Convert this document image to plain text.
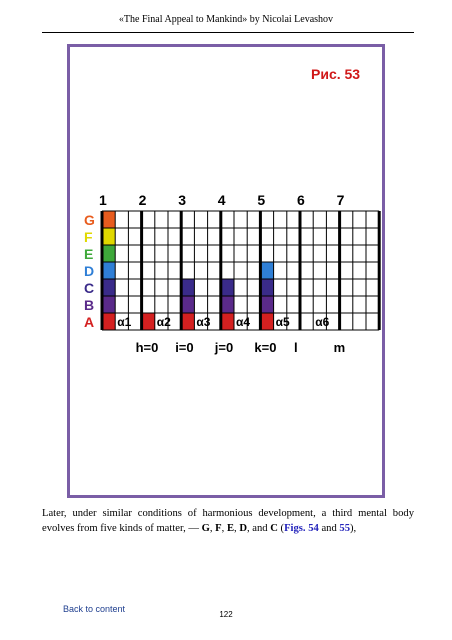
«The Final Appeal to Mankind» by Nicolai Levashov
Рис. 53
1 2 3 4 5 6 7
G
F
E
D
C
B
A α1 α2 α3 α4 α5 α6
h=0 i=0 j=0 k=0 l	m
Later, under similar conditions of harmonious development, a third mental body evolves from five kinds of matter, — G, F, E, D, and C (Figs. 54 and 55),
Back to content
122
